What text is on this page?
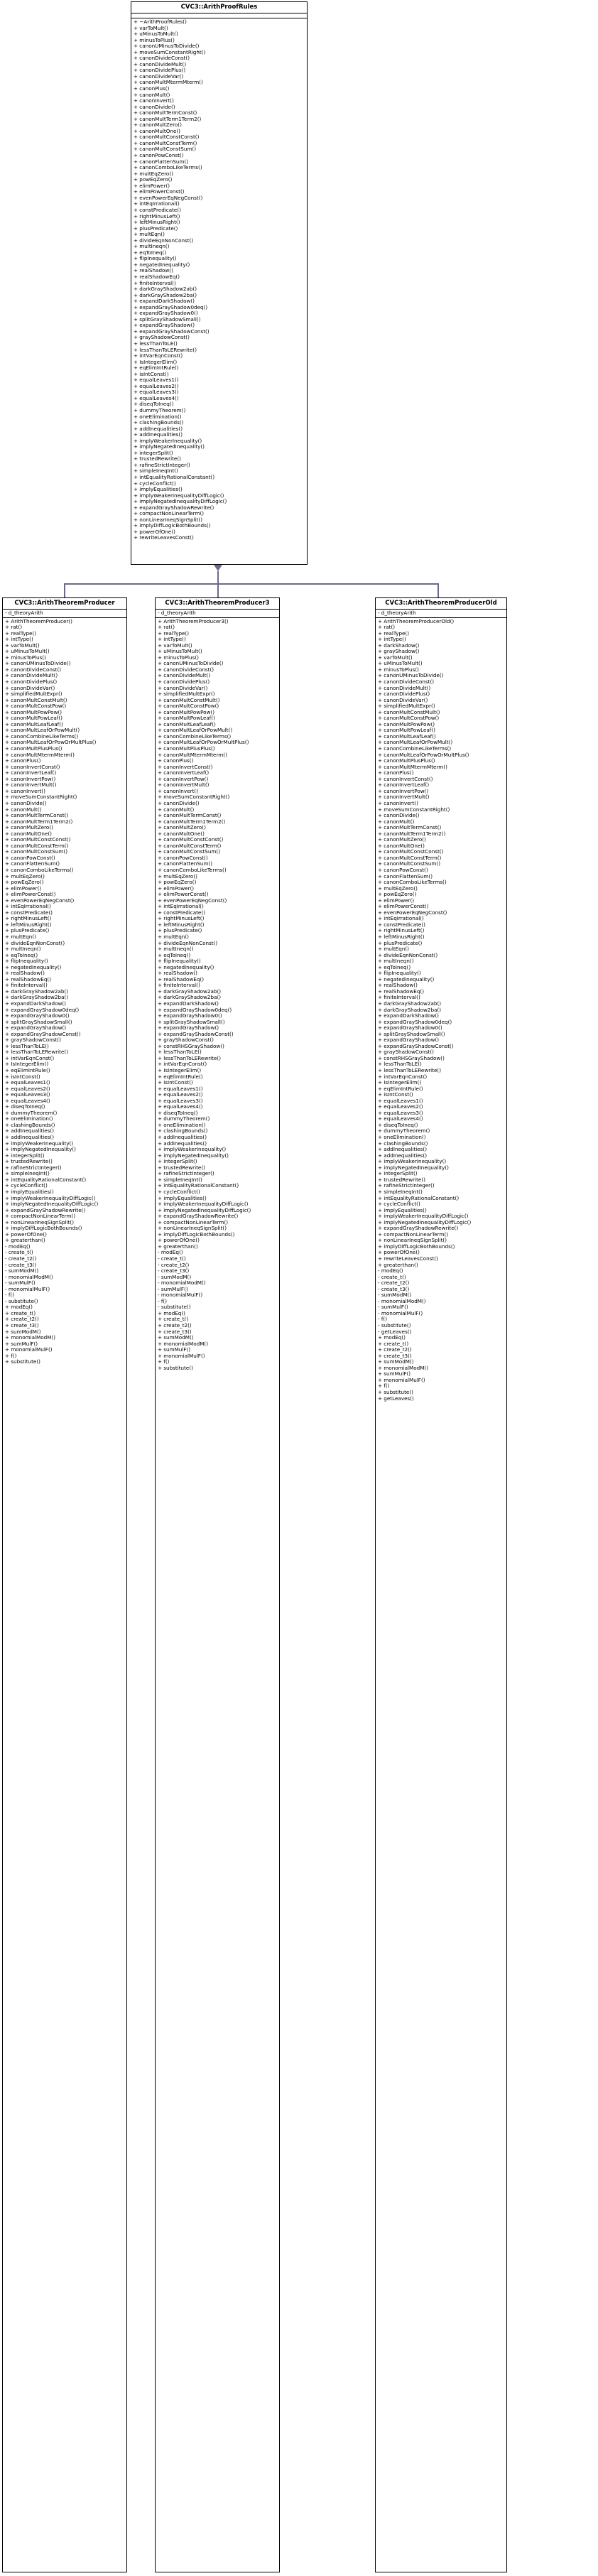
CVC3::ArithProofRules
+ ~ArithProofRules()
+ varToMult()
+ uMinusToMult()
+ minusToPlus()
+ canonUMinusToDivide()
+ moveSumConstantRight()
+ canonDivideConst()
+ canonDivideMult()
+ canonDividePlus()
+ canonDivideVar()
+ canonMultMtermMterm()
+ canonPlus()
+ canonMult()
+ canonInvert()
+ canonDivide()
+ canonMultTermConst()
+ canonMultTerm1Term2()
+ canonMultZero()
+ canonMultOne()
+ canonMultConstConst()
+ canonMultConstTerm()
+ canonMultConstSum()
+ canonPowConst()
+ canonFlattenSum()
+ canonComboLikeTerms()
+ multEqZero()
+ powEqZero()
+ elimPower()
+ elimPowerConst()
+ evenPowerEqNegConst()
+ intEqIrrational()
+ constPredicate()
+ rightMinusLeft()
+ leftMinusRight()
+ plusPredicate()
+ multEqn()
+ divideEqnNonConst()
+ multIneqn()
+ eqToIneq()
+ flipInequality()
+ negatedInequality()
+ realShadow()
+ realShadowEq()
+ finiteInterval()
+ darkGrayShadow2ab()
+ darkGrayShadow2ba()
+ expandDarkShadow()
+ expandGrayShadow0deq()
+ expandGrayShadow0()
+ splitGrayShadowSmall()
+ expandGrayShadow()
+ expandGrayShadowConst()
+ grayShadowConst()
+ lessThanToLE()
+ lessThanToLERewrite()
+ intVarEqnConst()
+ IsIntegerElim()
+ eqElimIntRule()
+ isIntConst()
+ equalLeaves1()
+ equalLeaves2()
+ equalLeaves3()
+ equalLeaves4()
+ diseqToIneq()
+ dummyTheorem()
+ oneElimination()
+ clashingBounds()
+ addInequalities()
+ addInequalities()
+ implyWeakerInequality()
+ implyNegatedInequality()
+ integerSplit()
+ trustedRewrite()
+ rafineStrictInteger()
+ simpleIneqInt()
+ intEqualityRationalConstant()
+ cycleConflict()
+ implyEqualities()
+ implyWeakerInequalityDiffLogic()
+ implyNegatedInequalityDiffLogic()
+ expandGrayShadowRewrite()
+ compactNonLinearTerm()
+ nonLinearIneqSignSplit()
+ implyDiffLogicBothBounds()
+ powerOfOne()
+ rewriteLeavesConst()
CVC3::ArithTheoremProducer
- d_theoryArith
+ ArithTheoremProducer()
+ rat()
+ realType()
+ intType()
+ varToMult()
+ uMinusToMult()
+ minusToPlus()
+ canonUMinusToDivide()
+ canonDivideConst()
+ canonDivideMult()
+ canonDividePlus()
+ canonDivideVar()
+ simplifiedMultExpr()
+ canonMultConstMult()
+ canonMultConstPow()
+ canonMultPowPow()
+ canonMultPowLeaf()
+ canonMultLeafLeaf()
+ canonMultLeafOrPowMult()
+ canonCombineLikeTerms()
+ canonMultLeafOrPowOrMultPlus()
+ canonMultPlusPlus()
+ canonMultMtermMterm()
+ canonPlus()
+ canonInvertConst()
+ canonInvertLeaf()
+ canonInvertPow()
+ canonInvertMult()
+ canonInvert()
+ moveSumConstantRight()
+ canonDivide()
+ canonMult()
+ canonMultTermConst()
+ canonMultTerm1Term2()
+ canonMultZero()
+ canonMultOne()
+ canonMultConstConst()
+ canonMultConstTerm()
+ canonMultConstSum()
+ canonPowConst()
+ canonFlattenSum()
+ canonComboLikeTerms()
+ multEqZero()
+ powEqZero()
+ elimPower()
+ elimPowerConst()
+ evenPowerEqNegConst()
+ intEqIrrational()
+ constPredicate()
+ rightMinusLeft()
+ leftMinusRight()
+ plusPredicate()
+ multEqn()
+ divideEqnNonConst()
+ multIneqn()
+ eqToIneq()
+ flipInequality()
+ negatedInequality()
+ realShadow()
+ realShadowEq()
+ finiteInterval()
+ darkGrayShadow2ab()
+ darkGrayShadow2ba()
+ expandDarkShadow()
+ expandGrayShadow0deq()
+ expandGrayShadow0()
+ splitGrayShadowSmall()
+ expandGrayShadow()
+ expandGrayShadowConst()
+ grayShadowConst()
+ lessThanToLE()
+ lessThanToLERewrite()
+ intVarEqnConst()
+ IsIntegerElim()
+ eqElimIntRule()
+ isIntConst()
+ equalLeaves1()
+ equalLeaves2()
+ equalLeaves3()
+ equalLeaves4()
+ diseqToIneq()
+ dummyTheorem()
+ oneElimination()
+ clashingBounds()
+ addInequalities()
+ addInequalities()
+ implyWeakerInequality()
+ implyNegatedInequality()
+ integerSplit()
+ trustedRewrite()
+ rafineStrictInteger()
+ simpleIneqInt()
+ intEqualityRationalConstant()
+ cycleConflict()
+ implyEqualities()
+ implyWeakerInequalityDiffLogic()
+ implyNegatedInequalityDiffLogic()
+ expandGrayShadowRewrite()
+ compactNonLinearTerm()
+ nonLinearIneqSignSplit()
+ implyDiffLogicBothBounds()
+ powerOfOne()
+ greaterthan()
- modEq()
- create_t()
- create_t2()
- create_t3()
- sumModM()
- monomialModM()
- sumMulF()
- monomialMulF()
- f()
- substitute()
+ modEq()
+ create_t()
+ create_t2()
+ create_t3()
+ sumModM()
+ monomialModM()
+ sumMulF()
+ monomialMulF()
+ f()
+ substitute()
CVC3::ArithTheoremProducer3
- d_theoryArith
+ ArithTheoremProducer3()
+ rat()
+ realType()
+ intType()
+ varToMult()
+ uMinusToMult()
+ minusToPlus()
+ canonUMinusToDivide()
+ canonDivideConst()
+ canonDivideMult()
+ canonDividePlus()
+ canonDivideVar()
+ simplifiedMultExpr()
+ canonMultConstMult()
+ canonMultConstPow()
+ canonMultPowPow()
+ canonMultPowLeaf()
+ canonMultLeafLeaf()
+ canonMultLeafOrPowMult()
+ canonCombineLikeTerms()
+ canonMultLeafOrPowOrMultPlus()
+ canonMultPlusPlus()
+ canonMultMtermMterm()
+ canonPlus()
+ canonInvertConst()
+ canonInvertLeaf()
+ canonInvertPow()
+ canonInvertMult()
+ canonInvert()
+ moveSumConstantRight()
+ canonDivide()
+ canonMult()
+ canonMultTermConst()
+ canonMultTerm1Term2()
+ canonMultZero()
+ canonMultOne()
+ canonMultConstConst()
+ canonMultConstTerm()
+ canonMultConstSum()
+ canonPowConst()
+ canonFlattenSum()
+ canonComboLikeTerms()
+ multEqZero()
+ powEqZero()
+ elimPower()
+ elimPowerConst()
+ evenPowerEqNegConst()
+ intEqIrrational()
+ constPredicate()
+ rightMinusLeft()
+ leftMinusRight()
+ plusPredicate()
+ multEqn()
+ divideEqnNonConst()
+ multIneqn()
+ eqToIneq()
+ flipInequality()
+ negatedInequality()
+ realShadow()
+ realShadowEq()
+ finiteInterval()
+ darkGrayShadow2ab()
+ darkGrayShadow2ba()
+ expandDarkShadow()
+ expandGrayShadow0deq()
+ expandGrayShadow0()
+ splitGrayShadowSmall()
+ expandGrayShadow()
+ expandGrayShadowConst()
+ grayShadowConst()
+ constRHSGrayShadow()
+ lessThanToLE()
+ lessThanToLERewrite()
+ intVarEqnConst()
+ IsIntegerElim()
+ eqElimIntRule()
+ isIntConst()
+ equalLeaves1()
+ equalLeaves2()
+ equalLeaves3()
+ equalLeaves4()
+ diseqToIneq()
+ dummyTheorem()
+ oneElimination()
+ clashingBounds()
+ addInequalities()
+ addInequalities()
+ implyWeakerInequality()
+ implyNegatedInequality()
+ integerSplit()
+ trustedRewrite()
+ rafineStrictInteger()
+ simpleIneqInt()
+ intEqualityRationalConstant()
+ cycleConflict()
+ implyEqualities()
+ implyWeakerInequalityDiffLogic()
+ implyNegatedInequalityDiffLogic()
+ expandGrayShadowRewrite()
+ compactNonLinearTerm()
+ nonLinearIneqSignSplit()
+ implyDiffLogicBothBounds()
+ powerOfOne()
+ greaterthan()
- modEq()
- create_t()
- create_t2()
- create_t3()
- sumModM()
- monomialModM()
- sumMulF()
- monomialMulF()
- f()
- substitute()
+ modEq()
+ create_t()
+ create_t2()
+ create_t3()
+ sumModM()
+ monomialModM()
+ sumMulF()
+ monomialMulF()
+ f()
+ substitute()
CVC3::ArithTheoremProducerOld
- d_theoryArith
+ ArithTheoremProducerOld()
+ rat()
+ realType()
+ intType()
+ darkShadow()
+ grayShadow()
+ varToMult()
+ uMinusToMult()
+ minusToPlus()
+ canonUMinusToDivide()
+ canonDivideConst()
+ canonDivideMult()
+ canonDividePlus()
+ canonDivideVar()
+ simplifiedMultExpr()
+ canonMultConstMult()
+ canonMultConstPow()
+ canonMultPowPow()
+ canonMultPowLeaf()
+ canonMultLeafLeaf()
+ canonMultLeafOrPowMult()
+ canonCombineLikeTerms()
+ canonMultLeafOrPowOrMultPlus()
+ canonMultPlusPlus()
+ canonMultMtermMterm()
+ canonPlus()
+ canonInvertConst()
+ canonInvertLeaf()
+ canonInvertPow()
+ canonInvertMult()
+ canonInvert()
+ moveSumConstantRight()
+ canonDivide()
+ canonMult()
+ canonMultTermConst()
+ canonMultTerm1Term2()
+ canonMultZero()
+ canonMultOne()
+ canonMultConstConst()
+ canonMultConstTerm()
+ canonMultConstSum()
+ canonPowConst()
+ canonFlattenSum()
+ canonComboLikeTerms()
+ multEqZero()
+ powEqZero()
+ elimPower()
+ elimPowerConst()
+ evenPowerEqNegConst()
+ intEqIrrational()
+ constPredicate()
+ rightMinusLeft()
+ leftMinusRight()
+ plusPredicate()
+ multEqn()
+ divideEqnNonConst()
+ multIneqn()
+ eqToIneq()
+ flipInequality()
+ negatedInequality()
+ realShadow()
+ realShadowEq()
+ finiteInterval()
+ darkGrayShadow2ab()
+ darkGrayShadow2ba()
+ expandDarkShadow()
+ expandGrayShadow0deq()
+ expandGrayShadow0()
+ splitGrayShadowSmall()
+ expandGrayShadow()
+ expandGrayShadowConst()
+ grayShadowConst()
+ constRHSGrayShadow()
+ lessThanToLE()
+ lessThanToLERewrite()
+ intVarEqnConst()
+ IsIntegerElim()
+ eqElimIntRule()
+ isIntConst()
+ equalLeaves1()
+ equalLeaves2()
+ equalLeaves3()
+ equalLeaves4()
+ diseqToIneq()
+ dummyTheorem()
+ oneElimination()
+ clashingBounds()
+ addInequalities()
+ addInequalities()
+ implyWeakerInequality()
+ implyNegatedInequality()
+ integerSplit()
+ trustedRewrite()
+ rafineStrictInteger()
+ simpleIneqInt()
+ intEqualityRationalConstant()
+ cycleConflict()
+ implyEqualities()
+ implyWeakerInequalityDiffLogic()
+ implyNegatedInequalityDiffLogic()
+ expandGrayShadowRewrite()
+ compactNonLinearTerm()
+ nonLinearIneqSignSplit()
+ implyDiffLogicBothBounds()
+ powerOfOne()
+ rewriteLeavesConst()
+ greaterthan()
- modEq()
- create_t()
- create_t2()
- create_t3()
- sumModM()
- monomialModM()
- sumMulF()
- monomialMulF()
- f()
- substitute()
- getLeaves()
+ modEq()
+ create_t()
+ create_t2()
+ create_t3()
+ sumModM()
+ monomialModM()
+ sumMulF()
+ monomialMulF()
+ f()
+ substitute()
+ getLeaves()
